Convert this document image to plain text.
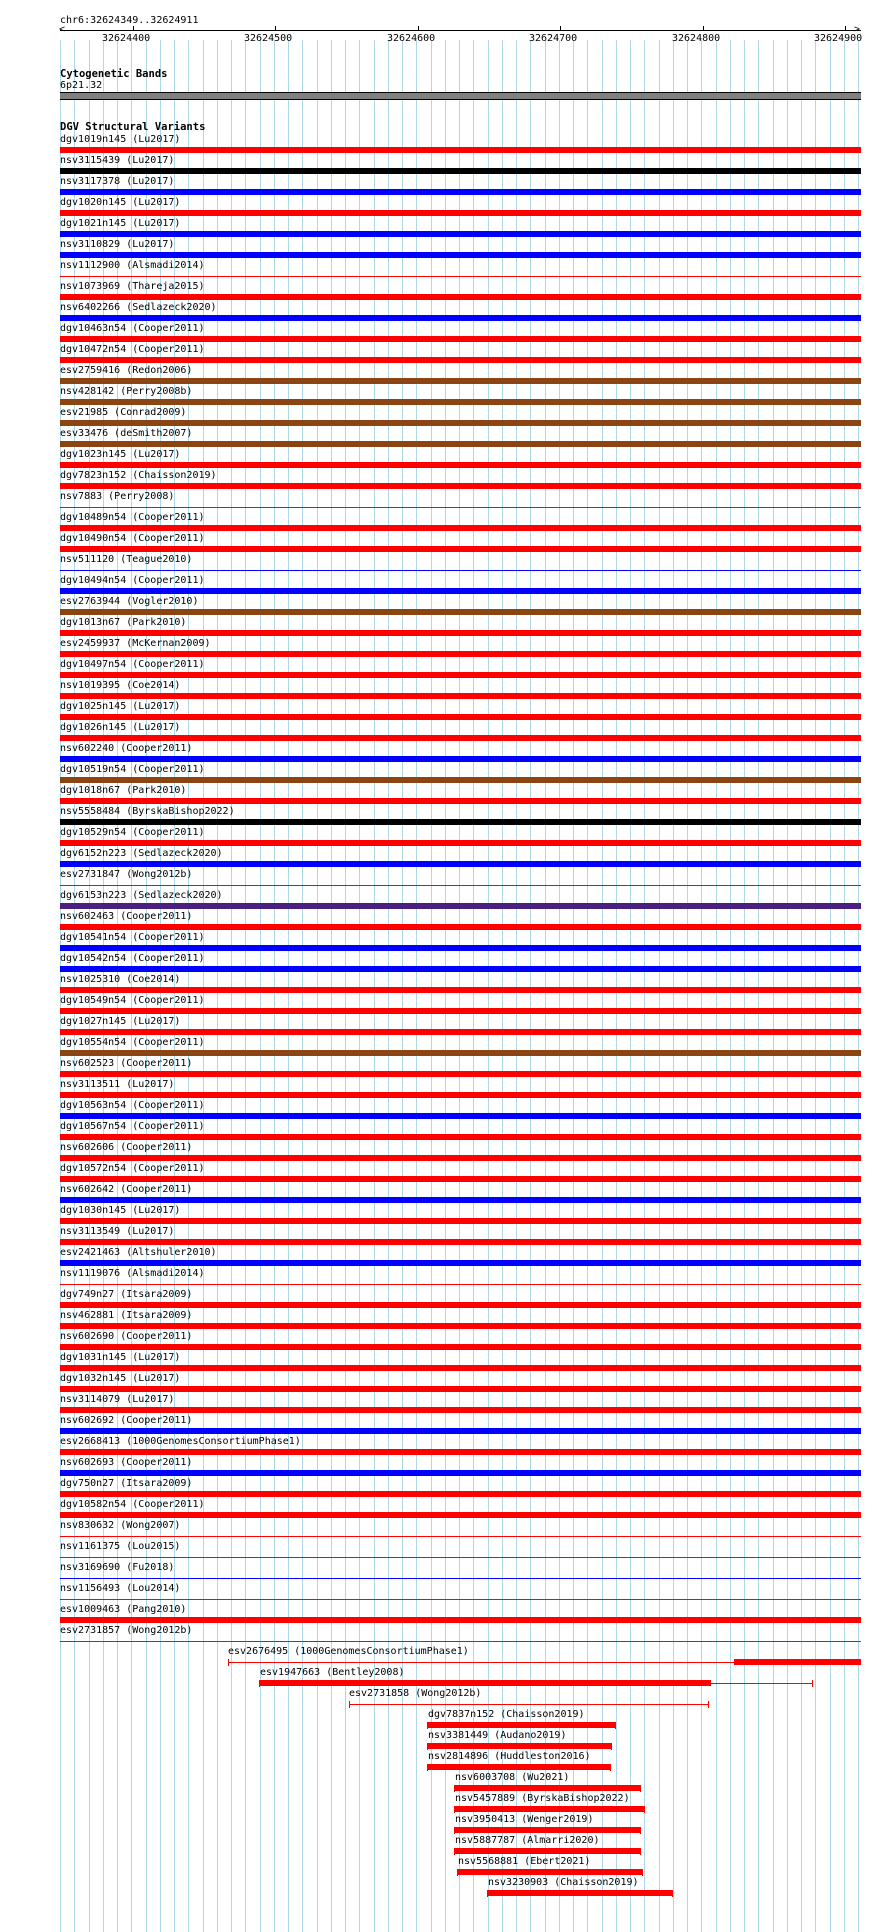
chr6:32624349..32624911
<	>
32624400	32624500	32624600	32624700	32624800	32624900
Cytogenetic Bands
6p21.32
DGV Structural Variants
dgv1019n145 (Lu2017)
nsv3115439 (Lu2017)
nsv3117378 (Lu2017)
dgv1020n145 (Lu2017)
dgv1021n145 (Lu2017)
nsv3110829 (Lu2017)
nsv1112900 (Alsmadi2014)
nsv1073969 (Thareja2015)
nsv6402266 (Sedlazeck2020)
dgv10463n54 (Cooper2011)
dgv10472n54 (Cooper2011)
esv2759416 (Redon2006)
nsv428142 (Perry2008b)
esv21985 (Conrad2009)
esv33476 (deSmith2007)
dgv1023n145 (Lu2017)
dgv7823n152 (Chaisson2019)
nsv7883 (Perry2008)
dgv10489n54 (Cooper2011)
dgv10490n54 (Cooper2011)
nsv511120 (Teague2010)
dgv10494n54 (Cooper2011)
esv2763944 (Vogler2010)
dgv1013n67 (Park2010)
esv2459937 (McKernan2009)
dgv10497n54 (Cooper2011)
nsv1019395 (Coe2014)
dgv1025n145 (Lu2017)
dgv1026n145 (Lu2017)
nsv602240 (Cooper2011)
dgv10519n54 (Cooper2011)
dgv1018n67 (Park2010)
nsv5558484 (ByrskaBishop2022)
dgv10529n54 (Cooper2011)
dgv6152n223 (Sedlazeck2020)
esv2731847 (Wong2012b)
dgv6153n223 (Sedlazeck2020)
nsv602463 (Cooper2011)
dgv10541n54 (Cooper2011)
dgv10542n54 (Cooper2011)
nsv1025310 (Coe2014)
dgv10549n54 (Cooper2011)
dgv1027n145 (Lu2017)
dgv10554n54 (Cooper2011)
nsv602523 (Cooper2011)
nsv3113511 (Lu2017)
dgv10563n54 (Cooper2011)
dgv10567n54 (Cooper2011)
nsv602606 (Cooper2011)
dgv10572n54 (Cooper2011)
nsv602642 (Cooper2011)
dgv1030n145 (Lu2017)
nsv3113549 (Lu2017)
esv2421463 (Altshuler2010)
nsv1119076 (Alsmadi2014)
dgv749n27 (Itsara2009)
nsv462881 (Itsara2009)
nsv602690 (Cooper2011)
dgv1031n145 (Lu2017)
dgv1032n145 (Lu2017)
nsv3114079 (Lu2017)
nsv602692 (Cooper2011)
esv2668413 (1000GenomesConsortiumPhase1)
nsv602693 (Cooper2011)
dgv750n27 (Itsara2009)
dgv10582n54 (Cooper2011)
nsv830632 (Wong2007)
nsv1161375 (Lou2015)
nsv3169690 (Fu2018)
nsv1156493 (Lou2014)
esv1009463 (Pang2010)
esv2731857 (Wong2012b)
esv2676495 (1000GenomesConsortiumPhase1)
esv1947663 (Bentley2008)
esv2731858 (Wong2012b)
dgv7837n152 (Chaisson2019)
nsv3381449 (Audano2019)
nsv2814896 (Huddleston2016)
nsv6003708 (Wu2021)
nsv5457889 (ByrskaBishop2022)
nsv3950413 (Wenger2019)
nsv5887787 (Almarri2020)
nsv5568881 (Ebert2021)
nsv3230903 (Chaisson2019)
